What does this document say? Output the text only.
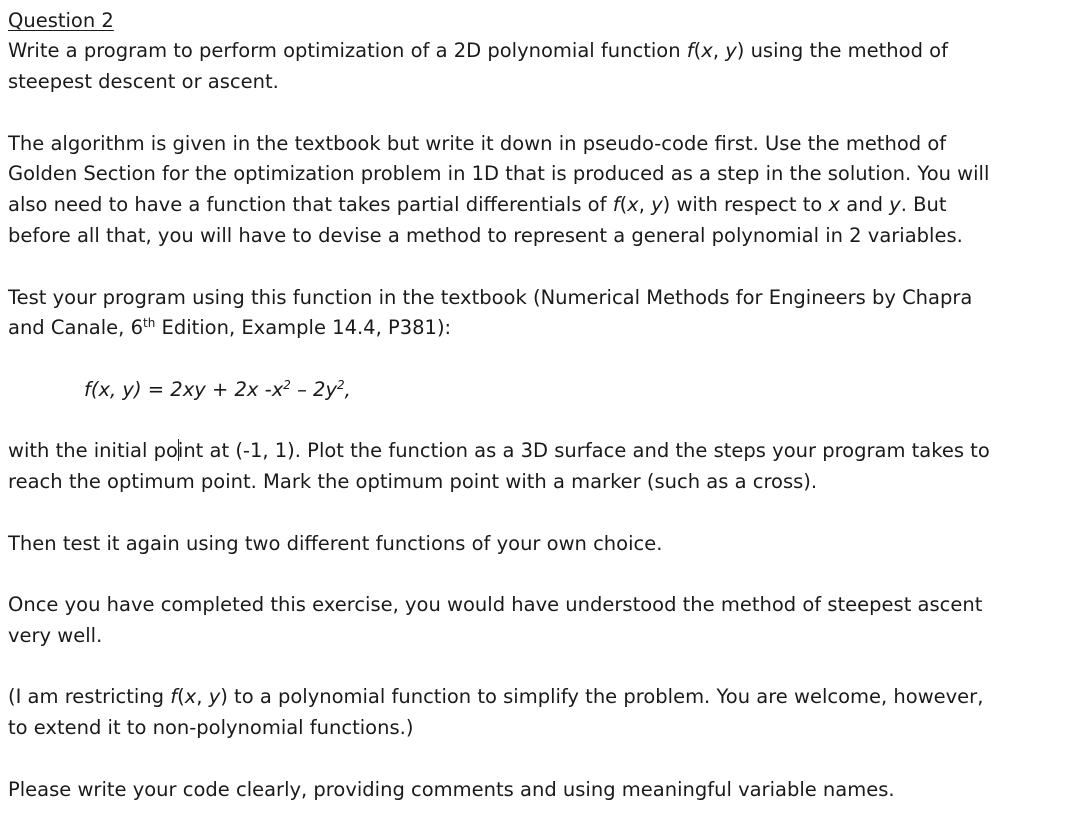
Question 2
Write a program to perform optimization of a 2D polynomial function f(x, y) using the method of
steepest descent or ascent.
The algorithm is given in the textbook but write it down in pseudo-code first. Use the method of
Golden Section for the optimization problem in 1D that is produced as a step in the solution. You will
also need to have a function that takes partial differentials of f(x, y) with respect to x and y. But
before all that, you will have to devise a method to represent a general polynomial in 2 variables.
Test your program using this function in the textbook (Numerical Methods for Engineers by Chapra
and Canale, 6th Edition, Example 14.4, P381):
f(x, y) = 2xy + 2x $-x^2 - 2y^2$,
with the initial point at (-1, 1). Plot the function as a 3D surface and the steps your program takes to
reach the optimum point. Mark the optimum point with a marker (such as a cross).
Then test it again using two different functions of your own choice.
Once you have completed this exercise, you would have understood the method of steepest ascent
very well.
(I am restricting f(x, y) to a polynomial function to simplify the problem. You are welcome, however,
to extend it to non-polynomial functions.)
Please write your code clearly, providing comments and using meaningful variable names.
